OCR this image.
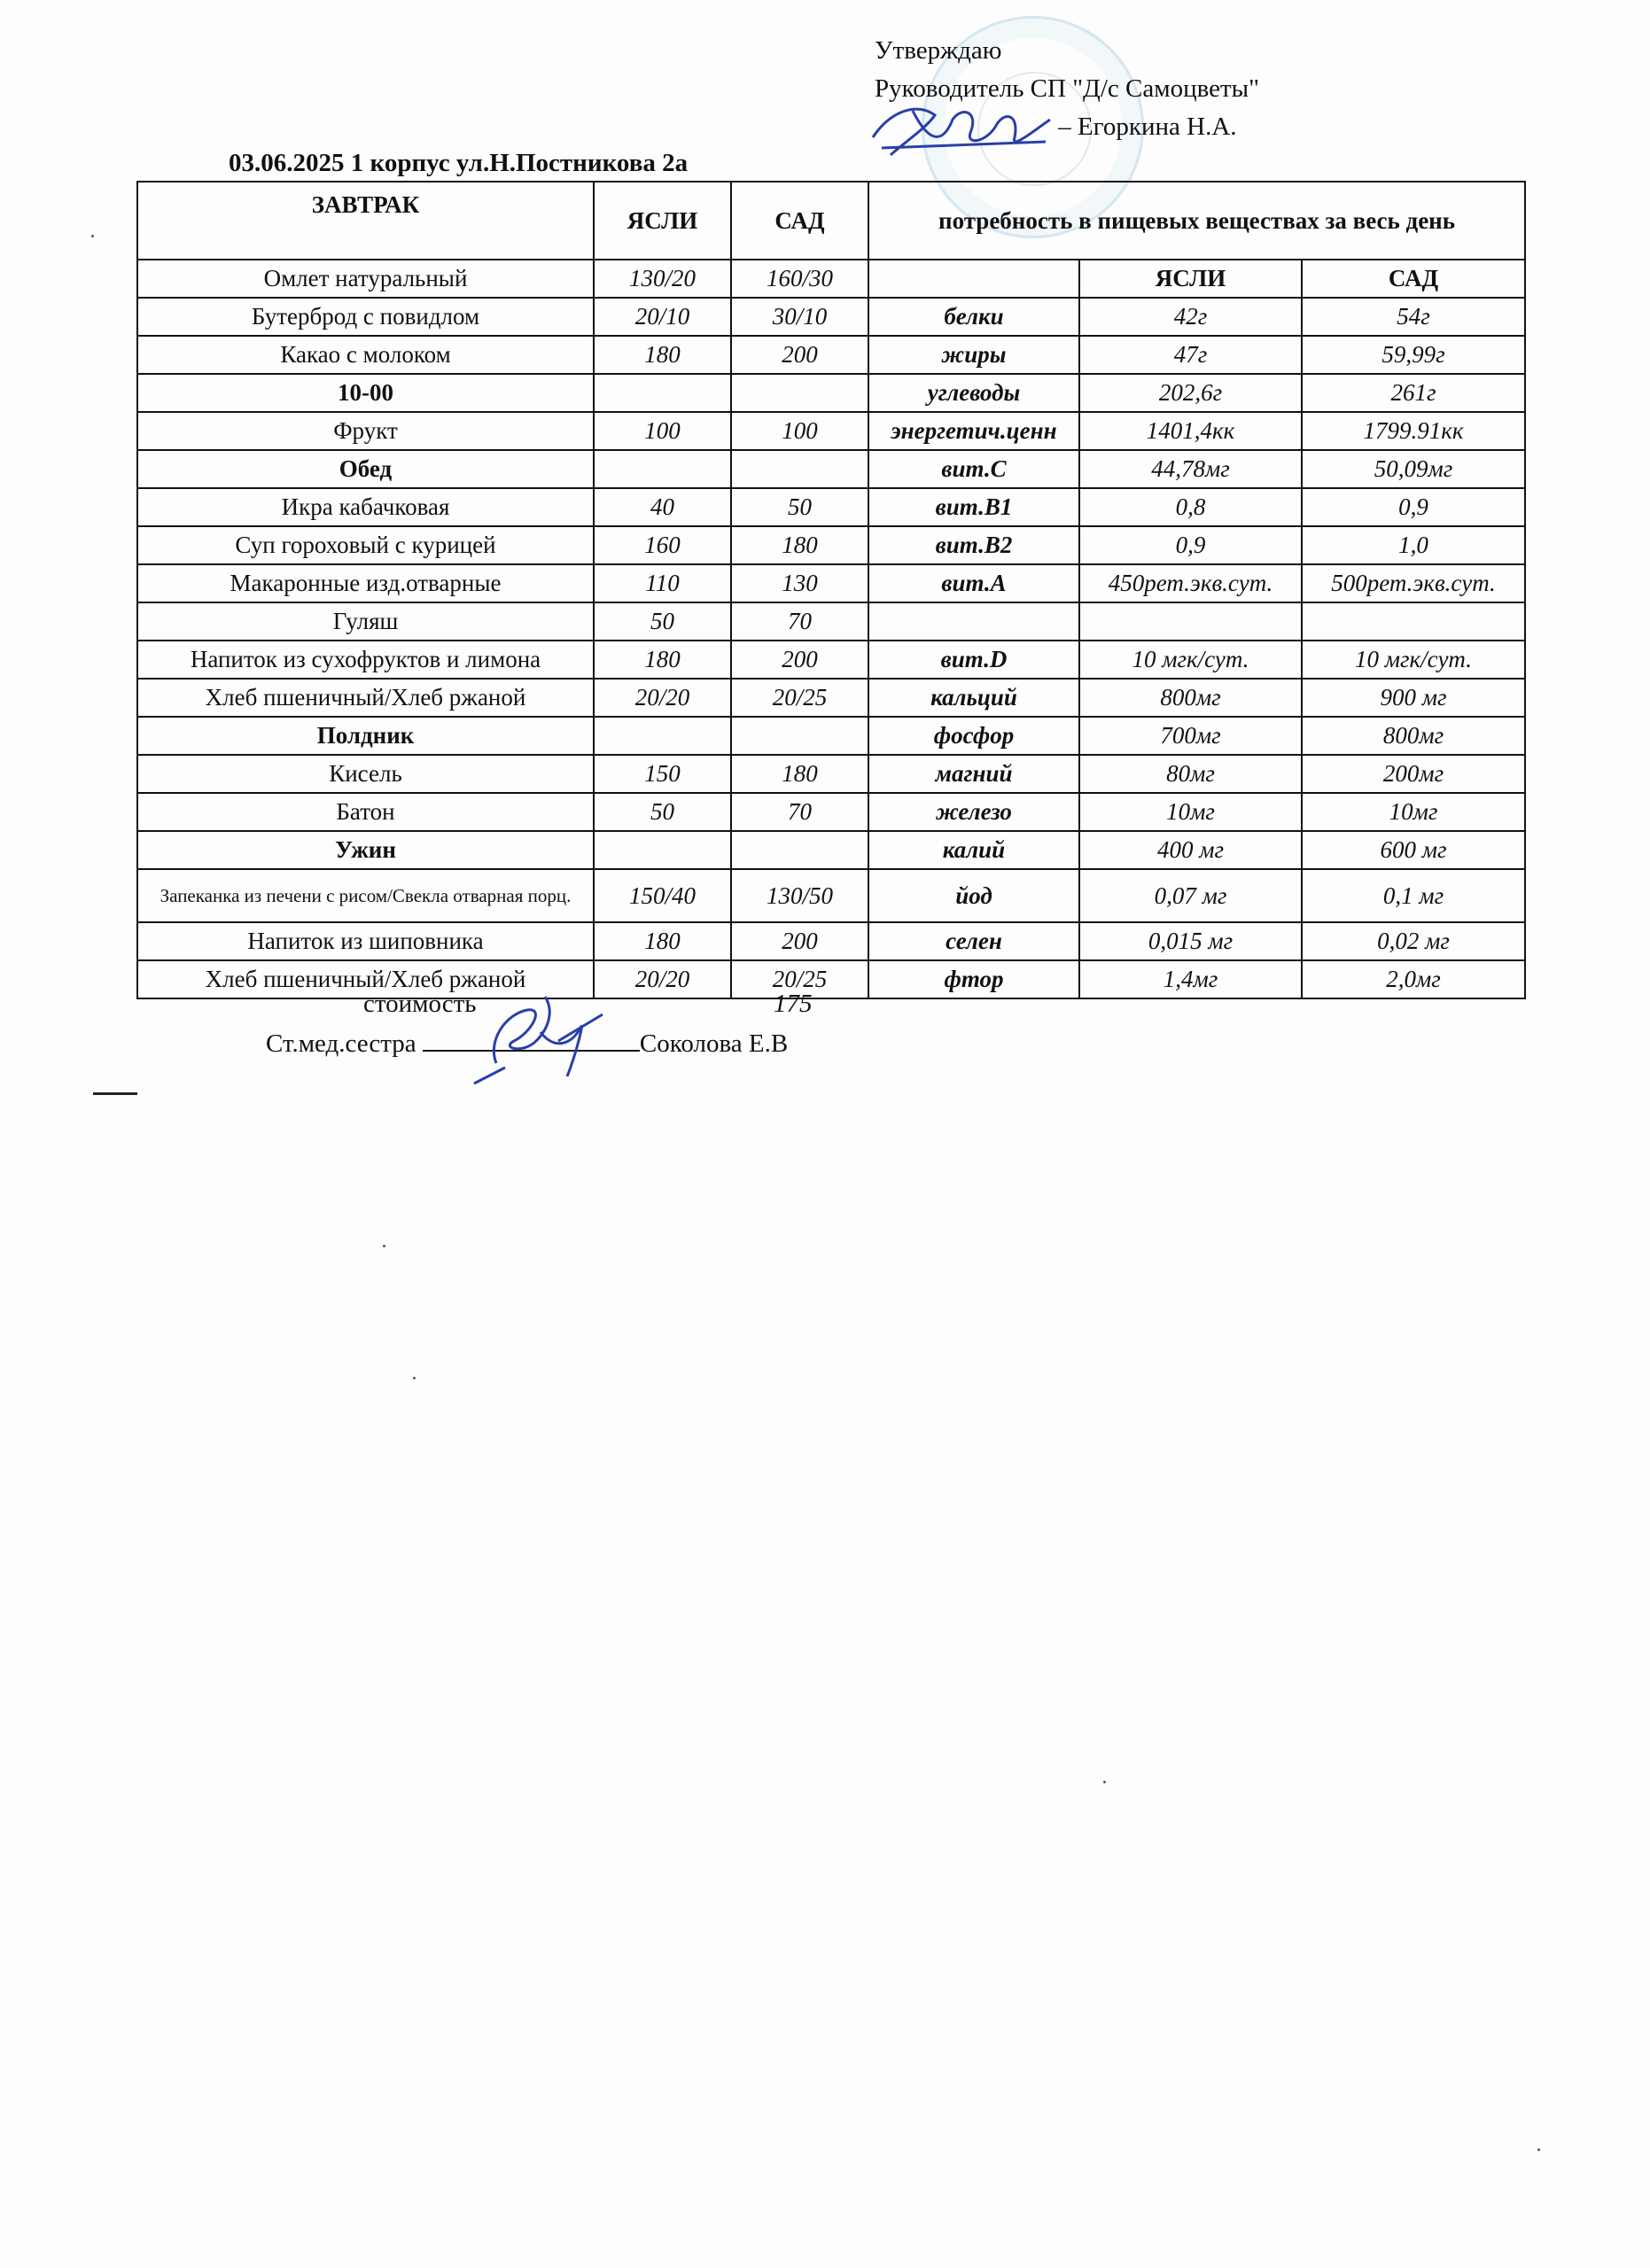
Утверждаю
Руководитель СП "Д/с Самоцветы"
– Егоркина Н.А.
03.06.2025 1 корпус ул.Н.Постникова 2а
ЗАВТРАК	ЯСЛИ	САД	потребность в пищевых веществах за весь день		
Омлет натуральный	130/20	160/30		ЯСЛИ	САД
Бутерброд с повидлом	20/10	30/10	белки	42г	54г
Какао с молоком	180	200	жиры	47г	59,99г
10-00			углеводы	202,6г	261г
Фрукт	100	100	энергетич.ценн	1401,4кк	1799.91кк
Обед			вит.С	44,78мг	50,09мг
Икра кабачковая	40	50	вит.В1	0,8	0,9
Суп гороховый с курицей	160	180	вит.В2	0,9	1,0
Макаронные изд.отварные	110	130	вит.А	450рет.экв.сут.	500рет.экв.сут.
Гуляш	50	70			
Напиток из сухофруктов и лимона	180	200	вит.D	10 мгк/сут.	10 мгк/сут.
Хлеб пшеничный/Хлеб ржаной	20/20	20/25	кальций	800мг	900 мг
Полдник			фосфор	700мг	800мг
Кисель	150	180	магний	80мг	200мг
Батон	50	70	железо	10мг	10мг
Ужин			калий	400 мг	600 мг
Запеканка из печени с рисом/Свекла отварная порц.	150/40	130/50	йод	0,07 мг	0,1 мг
Напиток из шиповника	180	200	селен	0,015 мг	0,02 мг
Хлеб пшеничный/Хлеб ржаной	20/20	20/25	фтор	1,4мг	2,0мг
стоимость	175
Ст.мед.сестра	Соколова Е.В
